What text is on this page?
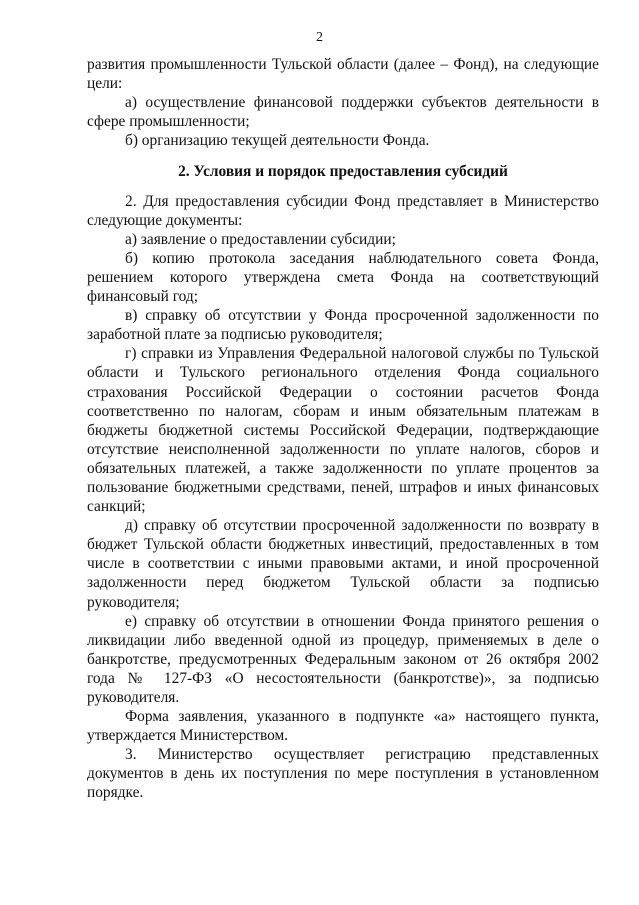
2

развития промышленности Тульской области (далее – Фонд), на следующие цели:

а) осуществление финансовой поддержки субъектов деятельности в сфере промышленности;

б) организацию текущей деятельности Фонда.

2. Условия и порядок предоставления субсидий

2. Для предоставления субсидии Фонд представляет в Министерство следующие документы:

а) заявление о предоставлении субсидии;

б) копию протокола заседания наблюдательного совета Фонда, решением которого утверждена смета Фонда на соответствующий финансовый год;

в) справку об отсутствии у Фонда просроченной задолженности по заработной плате за подписью руководителя;

г) справки из Управления Федеральной налоговой службы по Тульской области и Тульского регионального отделения Фонда социального страхования Российской Федерации о состоянии расчетов Фонда соответственно по налогам, сборам и иным обязательным платежам в бюджеты бюджетной системы Российской Федерации, подтверждающие отсутствие неисполненной задолженности по уплате налогов, сборов и обязательных платежей, а также задолженности по уплате процентов за пользование бюджетными средствами, пеней, штрафов и иных финансовых санкций;

д) справку об отсутствии просроченной задолженности по возврату в бюджет Тульской области бюджетных инвестиций, предоставленных в том числе в соответствии с иными правовыми актами, и иной просроченной задолженности перед бюджетом Тульской области за подписью руководителя;

е) справку об отсутствии в отношении Фонда принятого решения о ликвидации либо введенной одной из процедур, применяемых в деле о банкротстве, предусмотренных Федеральным законом от 26 октября 2002 года № 127-ФЗ «О несостоятельности (банкротстве)», за подписью руководителя.

Форма заявления, указанного в подпункте «а» настоящего пункта, утверждается Министерством.

3. Министерство осуществляет регистрацию представленных документов в день их поступления по мере поступления в установленном порядке.
